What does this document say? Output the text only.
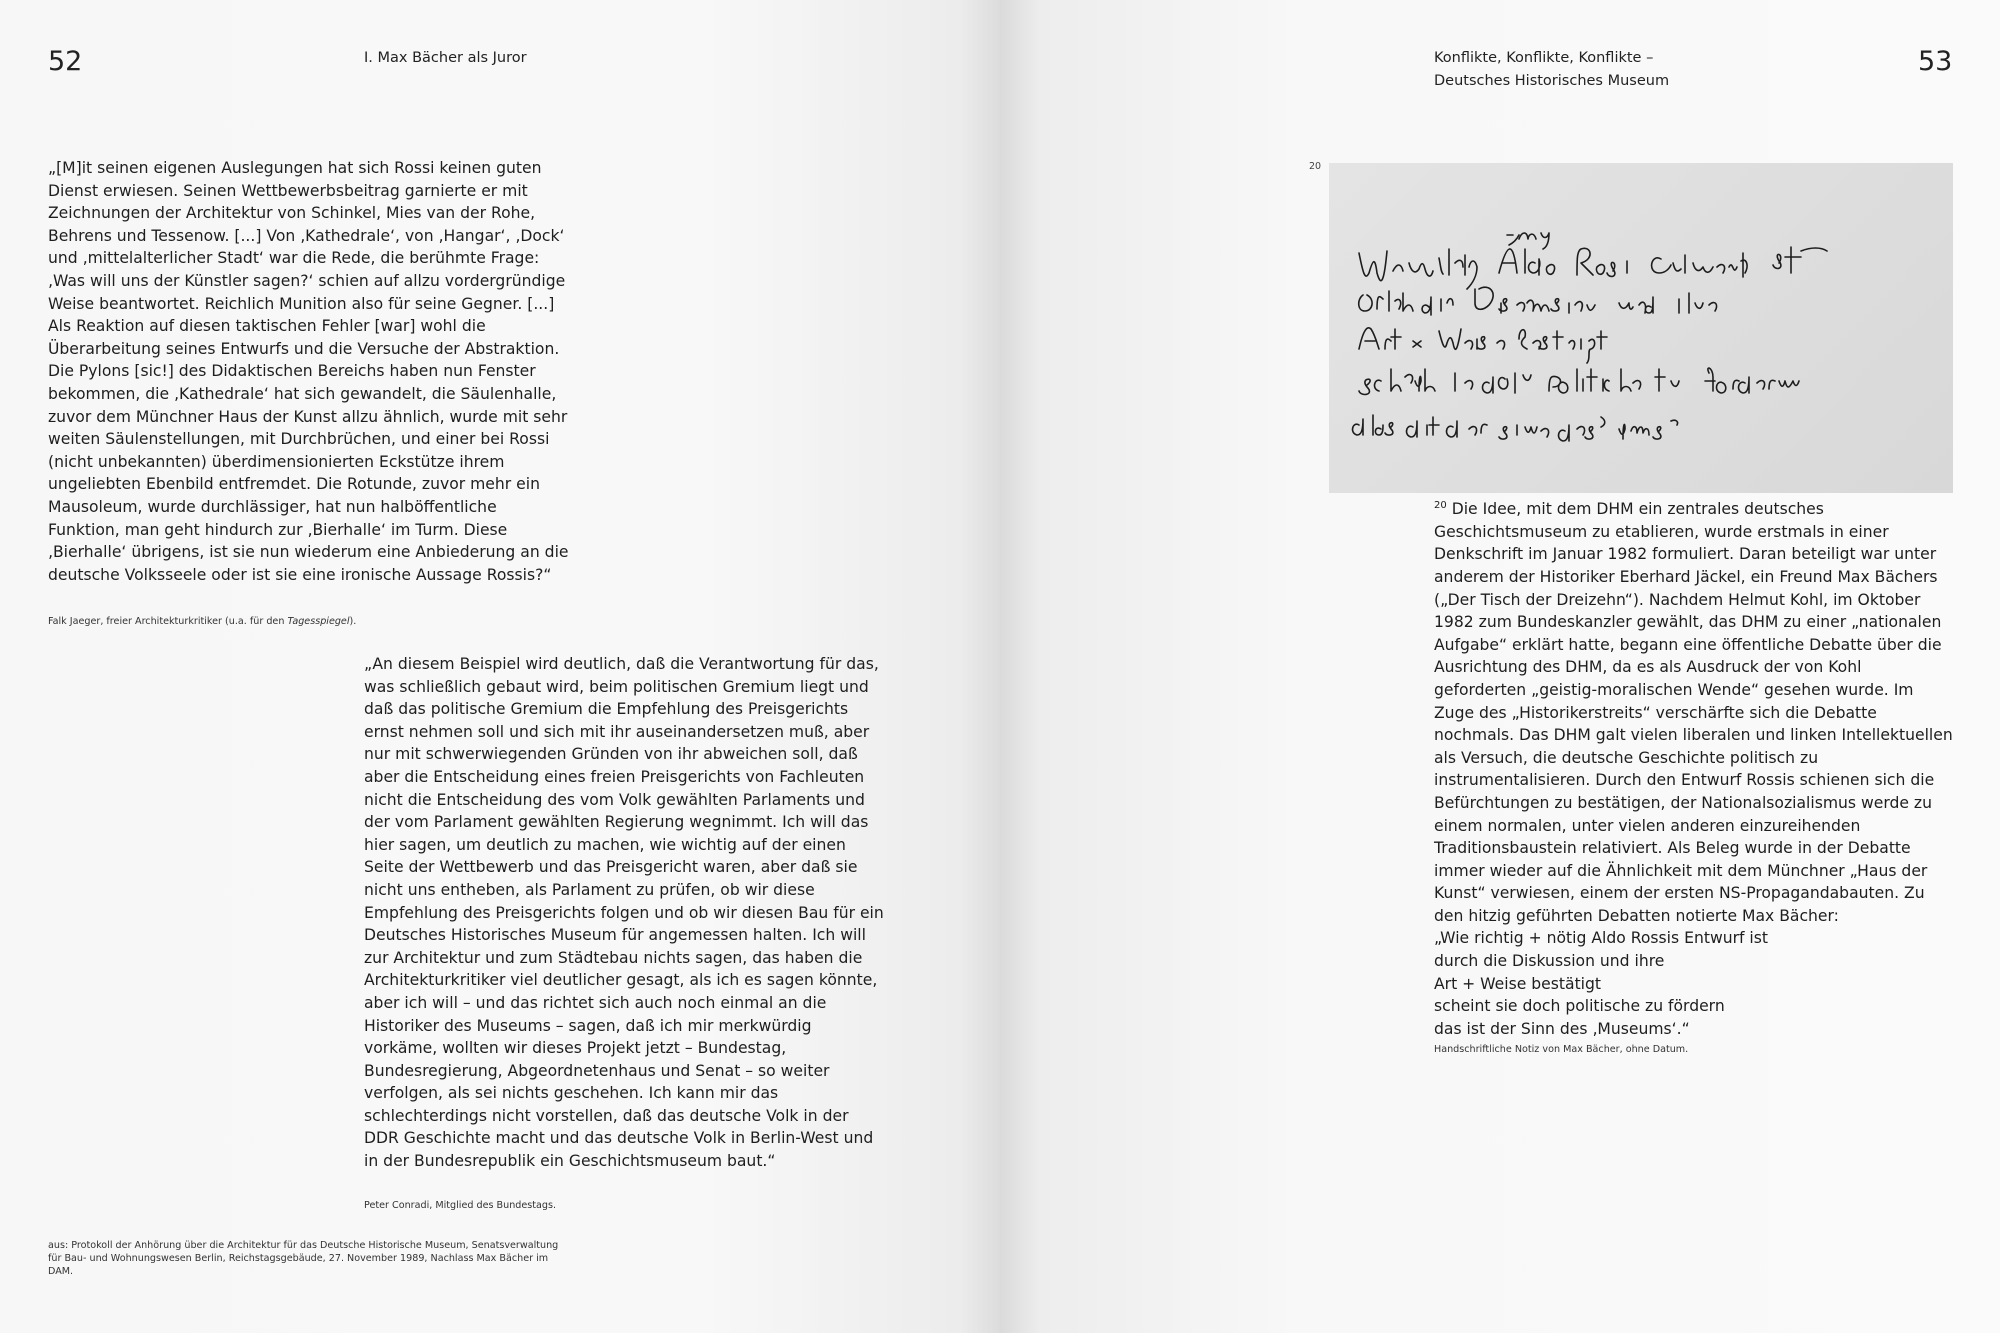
52	I. Max Bächer als Juror

„[M]it seinen eigenen Auslegungen hat sich Rossi keinen guten Dienst erwiesen. Seinen Wettbewerbsbeitrag garnierte er mit Zeichnungen der Architektur von Schinkel, Mies van der Rohe, Behrens und Tessenow. [...] Von ‚Kathedrale‘, von ‚Hangar‘, ‚Dock‘ und ‚mittelalterlicher Stadt‘ war die Rede, die berühmte Frage: ‚Was will uns der Künstler sagen?‘ schien auf allzu vordergründige Weise beantwortet. Reichlich Munition also für seine Gegner. [...] Als Reaktion auf diesen taktischen Fehler [war] wohl die Überarbeitung seines Entwurfs und die Versuche der Abstraktion. Die Pylons [sic!] des Didaktischen Bereichs haben nun Fenster bekommen, die ‚Kathedrale‘ hat sich gewandelt, die Säulenhalle, zuvor dem Münchner Haus der Kunst allzu ähnlich, wurde mit sehr weiten Säulenstellungen, mit Durchbrüchen, und einer bei Rossi (nicht unbekannten) überdimensionierten Eckstütze ihrem ungeliebten Ebenbild entfremdet. Die Rotunde, zuvor mehr ein Mausoleum, wurde durchlässiger, hat nun halböffentliche Funktion, man geht hindurch zur ‚Bierhalle‘ im Turm. Diese ‚Bierhalle‘ übrigens, ist sie nun wiederum eine Anbiederung an die deutsche Volksseele oder ist sie eine ironische Aussage Rossis?“

Falk Jaeger, freier Architekturkritiker (u.a. für den Tagesspiegel).

„An diesem Beispiel wird deutlich, daß die Verantwortung für das, was schließlich gebaut wird, beim politischen Gremium liegt und daß das politische Gremium die Empfehlung des Preisgerichts ernst nehmen soll und sich mit ihr auseinandersetzen muß, aber nur mit schwerwiegenden Gründen von ihr abweichen soll, daß aber die Entscheidung eines freien Preisgerichts von Fachleuten nicht die Entscheidung des vom Volk gewählten Parlaments und der vom Parlament gewählten Regierung wegnimmt. Ich will das hier sagen, um deutlich zu machen, wie wichtig auf der einen Seite der Wettbewerb und das Preisgericht waren, aber daß sie nicht uns entheben, als Parlament zu prüfen, ob wir diese Empfehlung des Preisgerichts folgen und ob wir diesen Bau für ein Deutsches Historisches Museum für angemessen halten. Ich will zur Architektur und zum Städtebau nichts sagen, das haben die Architekturkritiker viel deutlicher gesagt, als ich es sagen könnte, aber ich will – und das richtet sich auch noch einmal an die Historiker des Museums – sagen, daß ich mir merkwürdig vorkäme, wollten wir dieses Projekt jetzt – Bundestag, Bundesregierung, Abgeordnetenhaus und Senat – so weiter verfolgen, als sei nichts geschehen. Ich kann mir das schlechterdings nicht vorstellen, daß das deutsche Volk in der DDR Geschichte macht und das deutsche Volk in Berlin-West und in der Bundesrepublik ein Geschichtsmuseum baut.“

Peter Conradi, Mitglied des Bundestags.
aus: Protokoll der Anhörung über die Architektur für das Deutsche Historische Museum, Senatsverwaltung für Bau- und Wohnungswesen Berlin, Reichstagsgebäude, 27. November 1989, Nachlass Max Bächer im DAM.
Konflikte, Konflikte, Konflikte –
Deutsches Historisches Museum
53
20

$^{20}$ Die Idee, mit dem DHM ein zentrales deutsches Geschichtsmuseum zu etablieren, wurde erstmals in einer Denkschrift im Januar 1982 formuliert. Daran beteiligt war unter anderem der Historiker Eberhard Jäckel, ein Freund Max Bächers („Der Tisch der Dreizehn“). Nachdem Helmut Kohl, im Oktober 1982 zum Bundeskanzler gewählt, das DHM zu einer „nationalen Aufgabe“ erklärt hatte, begann eine öffentliche Debatte über die Ausrichtung des DHM, da es als Ausdruck der von Kohl geforderten „geistig-moralischen Wende“ gesehen wurde. Im Zuge des „Historikerstreits“ verschärfte sich die Debatte nochmals. Das DHM galt vielen liberalen und linken Intellektuellen als Versuch, die deutsche Geschichte politisch zu instrumentalisieren. Durch den Entwurf Rossis schienen sich die Befürchtungen zu bestätigen, der Nationalsozialismus werde zu einem normalen, unter vielen anderen einzureihenden Traditionsbaustein relativiert. Als Beleg wurde in der Debatte immer wieder auf die Ähnlichkeit mit dem Münchner „Haus der Kunst“ verwiesen, einem der ersten NS-Propagandabauten. Zu den hitzig geführten Debatten notierte Max Bächer:

„Wie richtig + nötig Aldo Rossis Entwurf ist
durch die Diskussion und ihre
Art + Weise bestätigt
scheint sie doch politische zu fördern
das ist der Sinn des ‚Museums‘.“
Handschriftliche Notiz von Max Bächer, ohne Datum.
